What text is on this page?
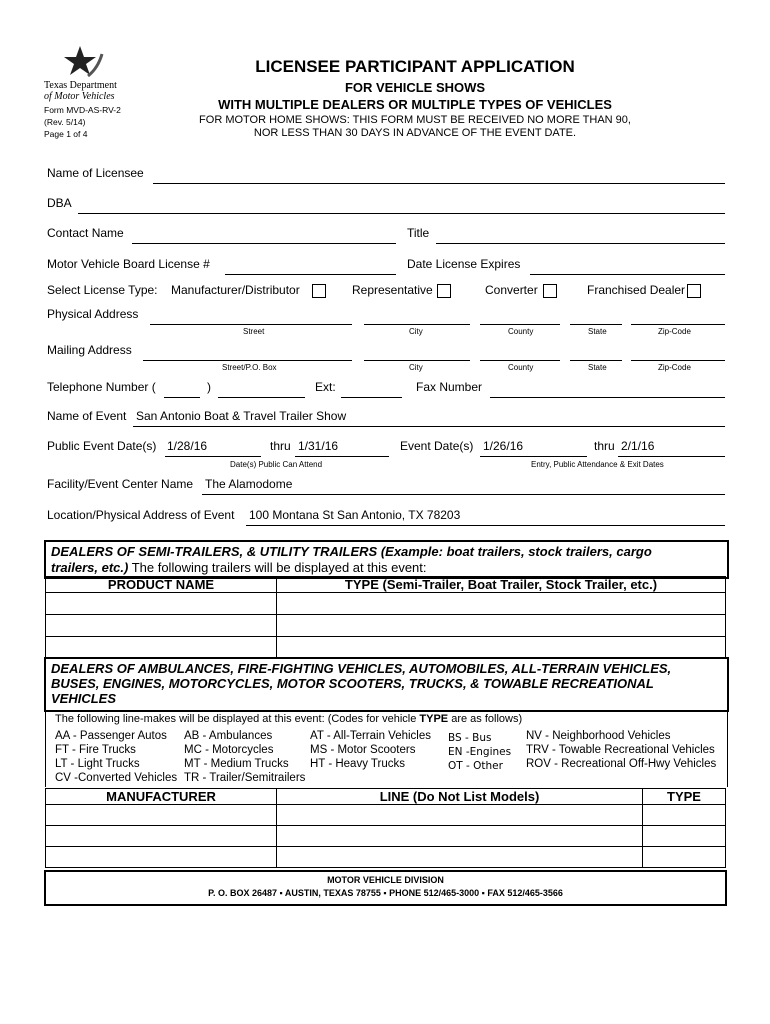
Texas Department
of Motor Vehicles
Form MVD-AS-RV-2
(Rev. 5/14)
Page 1 of 4
LICENSEE PARTICIPANT APPLICATION
FOR VEHICLE SHOWS
WITH MULTIPLE DEALERS OR MULTIPLE TYPES OF VEHICLES
FOR MOTOR HOME SHOWS: THIS FORM MUST BE RECEIVED NO MORE THAN 90,
NOR LESS THAN 30 DAYS IN ADVANCE OF THE EVENT DATE.
Name of Licensee
DBA
Contact Name	Title
Motor Vehicle Board License #	Date License Expires
Select License Type: Manufacturer/Distributor	Representative	Converter	Franchised Dealer
Physical Address
Street	City	County	State	Zip-Code
Mailing Address
Street/P.O. Box	City	County	State	Zip-Code
Telephone Number (	)	Ext:	Fax Number
Name of Event San Antonio Boat & Travel Trailer Show
Public Event Date(s) 1/28/16	thru 1/31/16	Event Date(s) 1/26/16	thru 2/1/16
Date(s) Public Can Attend	Entry, Public Attendance & Exit Dates
Facility/Event Center Name The Alamodome
Location/Physical Address of Event 100 Montana St San Antonio, TX 78203
DEALERS OF SEMI-TRAILERS, & UTILITY TRAILERS (Example: boat trailers, stock trailers, cargo
trailers, etc.) The following trailers will be displayed at this event:
PRODUCT NAME	TYPE (Semi-Trailer, Boat Trailer, Stock Trailer, etc.)

DEALERS OF AMBULANCES, FIRE-FIGHTING VEHICLES, AUTOMOBILES, ALL-TERRAIN VEHICLES,
BUSES, ENGINES, MOTORCYCLES, MOTOR SCOOTERS, TRUCKS, & TOWABLE RECREATIONAL
VEHICLES
The following line-makes will be displayed at this event: (Codes for vehicle TYPE are as follows)
AA - Passenger Autos
FT - Fire Trucks
LT - Light Trucks
CV -Converted Vehicles
AB - Ambulances
MC - Motorcycles
MT - Medium Trucks
TR - Trailer/Semitrailers
AT - All-Terrain Vehicles
MS - Motor Scooters
HT - Heavy Trucks
BS - Bus
EN -Engines
OT - Other
NV - Neighborhood Vehicles
TRV - Towable Recreational Vehicles
ROV - Recreational Off-Hwy Vehicles
MANUFACTURER	LINE (Do Not List Models)	TYPE

MOTOR VEHICLE DIVISION
P. O. BOX 26487 ▪ AUSTIN, TEXAS 78755 ▪ PHONE 512/465-3000 ▪ FAX 512/465-3566
